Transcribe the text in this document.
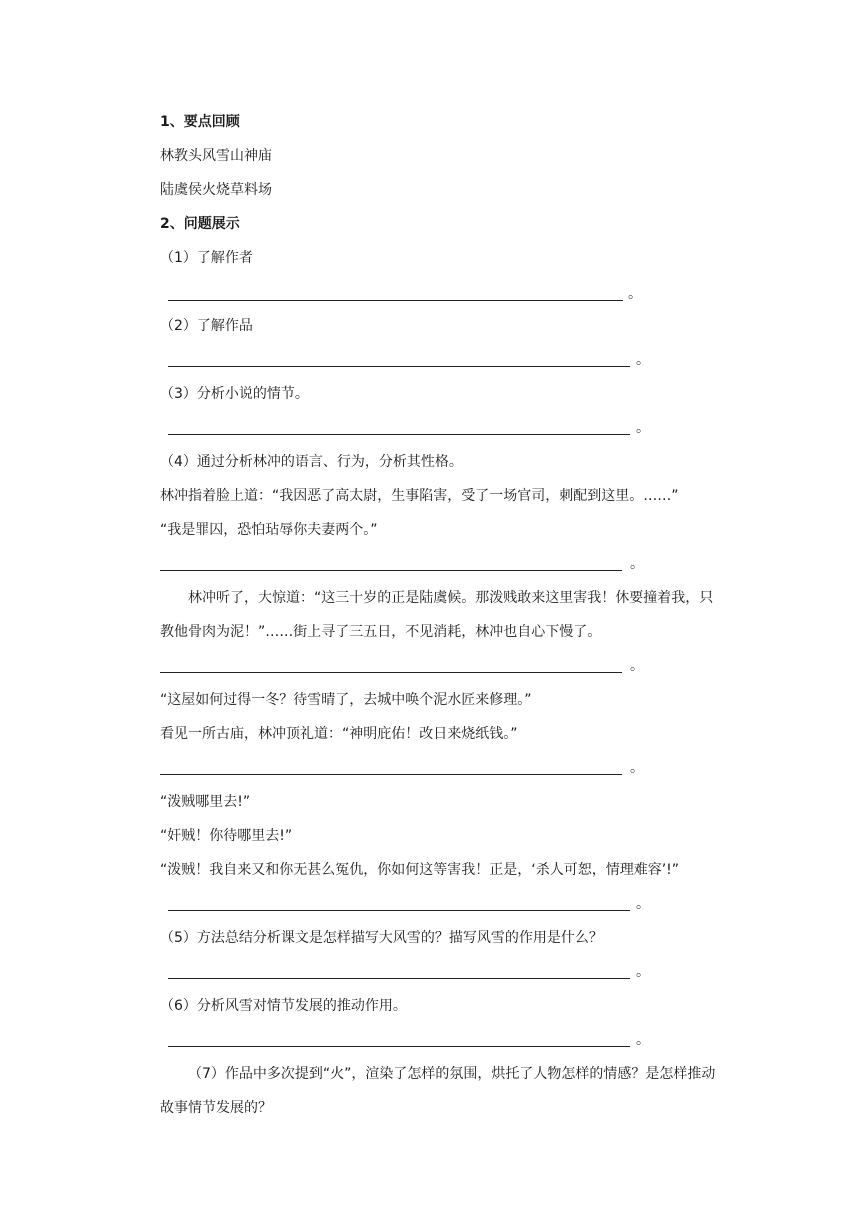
1、要点回顾
林教头风雪山神庙
陆虞侯火烧草料场
2、问题展示
（1）了解作者
。
（2）了解作品
。
（3）分析小说的情节。
。
（4）通过分析林冲的语言、行为，分析其性格。
林冲指着脸上道：“我因恶了高太尉，生事陷害，受了一场官司，刺配到这里。……”
“我是罪囚，恐怕玷辱你夫妻两个。”
。
林冲听了，大惊道：“这三十岁的正是陆虞候。那泼贱敢来这里害我！休要撞着我，只
教他骨肉为泥！”……街上寻了三五日，不见消耗，林冲也自心下慢了。
。
“这屋如何过得一冬？待雪晴了，去城中唤个泥水匠来修理。”
看见一所古庙，林冲顶礼道：“神明庇佑！改日来烧纸钱。”
。
“泼贼哪里去!”
“奸贼！你待哪里去!”
“泼贼！我自来又和你无甚么冤仇，你如何这等害我！正是，‘杀人可恕，情理难容’!”
。
（5）方法总结分析课文是怎样描写大风雪的？描写风雪的作用是什么？
。
（6）分析风雪对情节发展的推动作用。
。
（7）作品中多次提到“火”，渲染了怎样的氛围，烘托了人物怎样的情感？是怎样推动
故事情节发展的？
